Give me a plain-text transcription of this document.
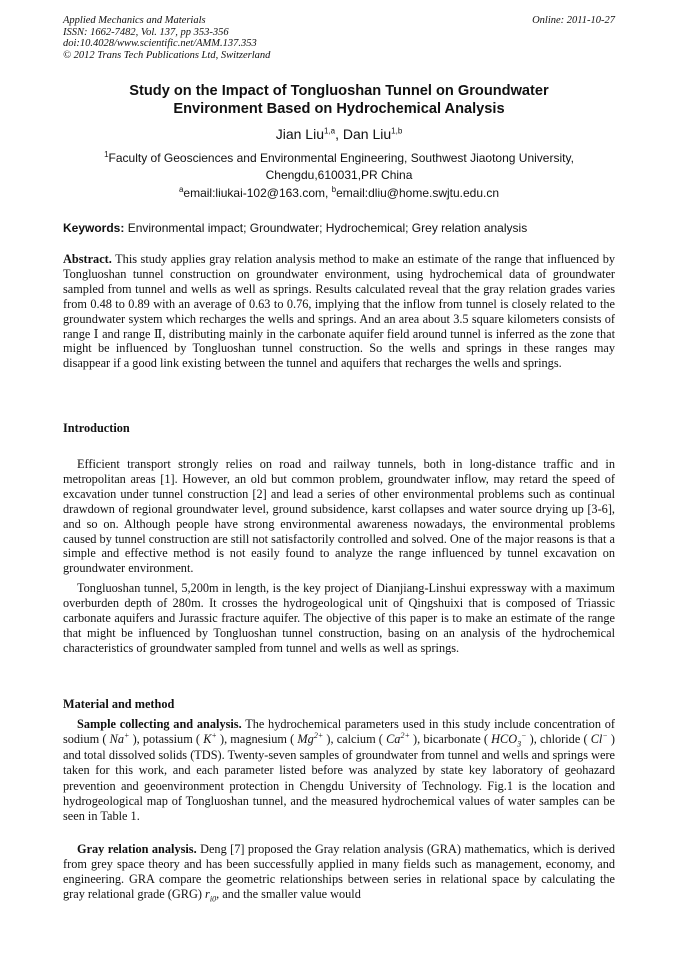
Applied Mechanics and Materials
ISSN: 1662-7482, Vol. 137, pp 353-356
doi:10.4028/www.scientific.net/AMM.137.353
© 2012 Trans Tech Publications Ltd, Switzerland
Online: 2011-10-27
Study on the Impact of Tongluoshan Tunnel on Groundwater
Environment Based on Hydrochemical Analysis
Jian Liu$^{1,a}$, Dan Liu$^{1,b}$
$^1$Faculty of Geosciences and Environmental Engineering, Southwest Jiaotong University,
Chengdu,610031,PR China
$^a$email:liukai-102@163.com, $^b$email:dliu@home.swjtu.edu.cn
Keywords: Environmental impact; Groundwater; Hydrochemical; Grey relation analysis
Abstract. This study applies gray relation analysis method to make an estimate of the range that influenced by Tongluoshan tunnel construction on groundwater environment, using hydrochemical data of groundwater sampled from tunnel and wells as well as springs. Results calculated reveal that the gray relation grades varies from 0.48 to 0.89 with an average of 0.63 to 0.76, implying that the inflow from tunnel is closely related to the groundwater system which recharges the wells and springs. And an area about 3.5 square kilometers consists of range Ⅰ and range Ⅱ, distributing mainly in the carbonate aquifer field around tunnel is inferred as the zone that might be influenced by Tongluoshan tunnel construction. So the wells and springs in these ranges may disappear if a good link existing between the tunnel and aquifers that recharges the wells and springs.
Introduction
Efficient transport strongly relies on road and railway tunnels, both in long-distance traffic and in metropolitan areas [1]. However, an old but common problem, groundwater inflow, may retard the speed of excavation under tunnel construction [2] and lead a series of other environmental problems such as continual drawdown of regional groundwater level, ground subsidence, karst collapses and water source drying up [3-6], and so on. Although people have strong environmental awareness nowadays, the environmental problems caused by tunnel construction are still not satisfactorily controlled and solved. One of the major reasons is that a simple and effective method is not easily found to analyze the range influenced by tunnel excavation on groundwater environment.
Tongluoshan tunnel, 5,200m in length, is the key project of Dianjiang-Linshui expressway with a maximum overburden depth of 280m. It crosses the hydrogeological unit of Qingshuixi that is composed of Triassic carbonate aquifers and Jurassic fracture aquifer. The objective of this paper is to make an estimate of the range that might be influenced by Tongluoshan tunnel construction, basing on an analysis of the hydrochemical characteristics of groundwater sampled from tunnel and wells as well as springs.
Material and method
Sample collecting and analysis. The hydrochemical parameters used in this study include concentration of sodium ( Na+ ), potassium ( K+ ), magnesium ( $Mg^{2+}$ ), calcium ( $Ca^{2+}$ ), bicarbonate ( $HCO_3^-$ ), chloride ( Cl− ) and total dissolved solids (TDS). Twenty-seven samples of groundwater from tunnel and wells and springs were taken for this work, and each parameter listed before was analyzed by state key laboratory of geohazard prevention and geoenvironment protection in Chengdu University of Technology. Fig.1 is the location and hydrogeological map of Tongluoshan tunnel, and the measured hydrochemical values of water samples can be seen in Table 1.
Gray relation analysis. Deng [7] proposed the Gray relation analysis (GRA) mathematics, which is derived from grey space theory and has been successfully applied in many fields such as management, economy, and engineering. GRA compare the geometric relationships between series in relational space by calculating the gray relational grade (GRG) $r_{i0}$, and the smaller value would
